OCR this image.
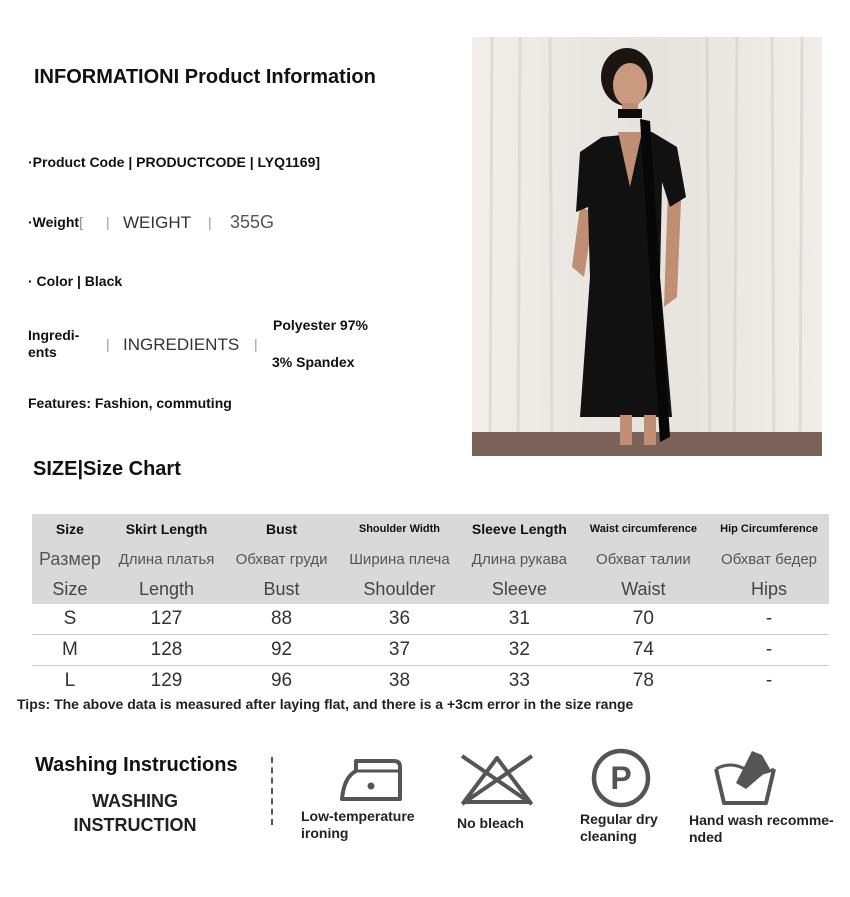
INFORMATIONI Product Information
·Product Code | PRODUCTCODE | LYQ1169]
·Weight[ | WEIGHT | 355G
· Color | Black
Ingredi-
ents	| INGREDIENTS |
Polyester 97%
3% Spandex
Features: Fashion, commuting
SIZE|Size Chart
Size	Skirt Length	Bust	Shoulder Width	Sleeve Length	Waist circumference	Hip Circumference
Размер	Длина платья	Обхват груди	Ширина плеча	Длина рукава	Обхват талии	Обхват бедер
Size	Length	Bust	Shoulder	Sleeve	Waist	Hips
S	127	88	36	31	70	-
M	128	92	37	32	74	-
L	129	96	38	33	78	-
Tips: The above data is measured after laying flat, and there is a +3cm error in the size range
Washing Instructions
WASHING
INSTRUCTION	Low-temperature
ironing
No bleach
P
Regular dry
cleaning
Hand wash recomme-
nded
